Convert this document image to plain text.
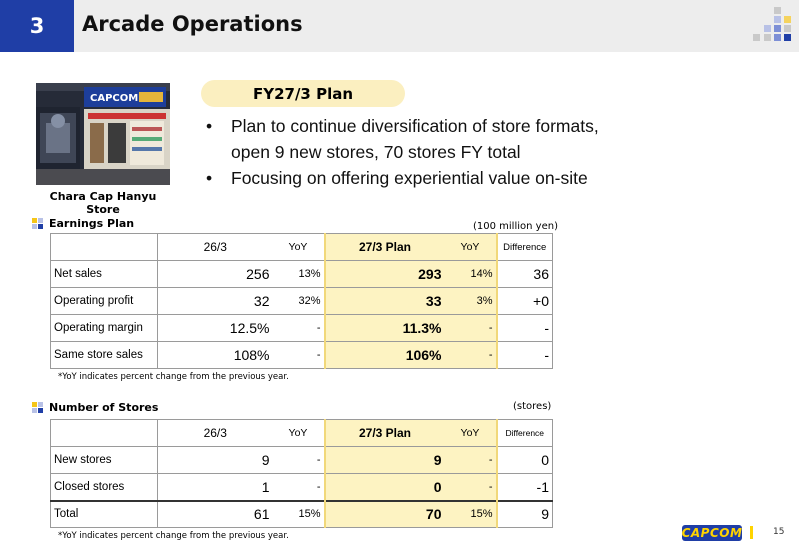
3	Arcade Operations
CAPCOM
Chara Cap Hanyu Store
FY27/3 Plan
•	Plan to continue diversification of store formats,
open 9 new stores, 70 stores FY total
•	Focusing on offering experiential value on-site
Earnings Plan	(100 million yen)
	26/3	YoY	27/3 Plan	YoY	Difference
Net sales	256	13%	293	14%	36
Operating profit	32	32%	33	3%	+0
Operating margin	12.5%	-	11.3%	-	-
Same store sales	108%	-	106%	-	-
*YoY indicates percent change from the previous year.
Number of Stores	(stores)
	26/3	YoY	27/3 Plan	YoY	Difference
New stores	9	-	9	-	0
Closed stores	1	-	0	-	-1
Total	61	15%	70	15%	9
*YoY indicates percent change from the previous year.	CAPCOM	15
